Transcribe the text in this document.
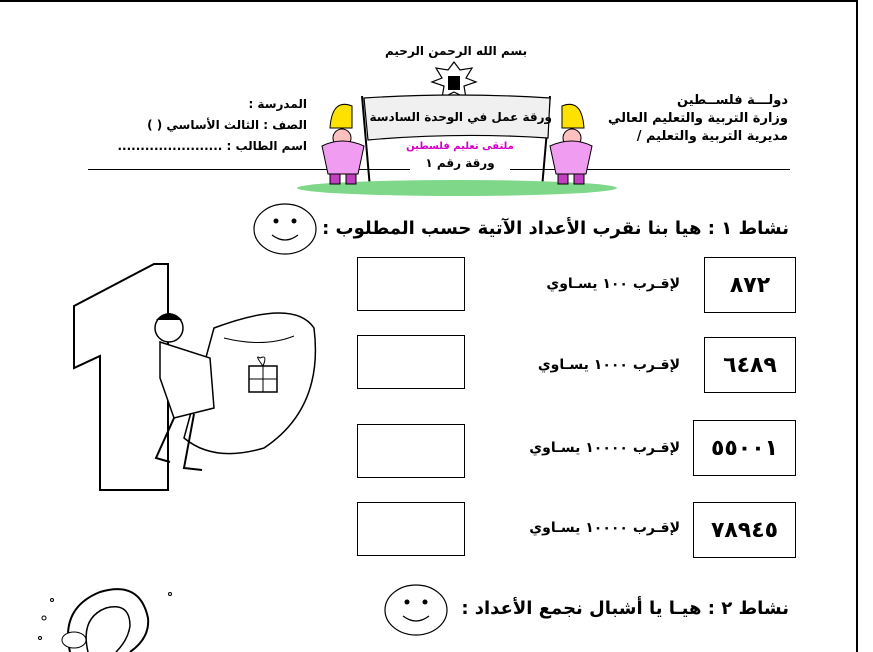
بسم الله الرحمن الرحيم
دولـــة فلســطين
وزارة التربية والتعليم العالي
مديرية التربية والتعليم /
المدرسة :
الصف : الثالث الأساسي ( )
اسم الطالب : .......................
ورقة عمل في الوحدة السادسة
ملتقى تعليم فلسطين
ورقة رقم ١
نشاط ١ : هيا بنا نقرب الأعداد الآتية حسب المطلوب :
٨٧٢
لإقـرب ١٠٠ يسـاوي
٦٤٨٩
لإقـرب ١٠٠٠ يسـاوي
٥٥٠٠١
لإقـرب ١٠٠٠٠ يسـاوي
٧٨٩٤٥
لإقـرب ١٠٠٠٠ يسـاوي
نشاط ٢ : هيـا يا أشبال نجمع الأعداد :
